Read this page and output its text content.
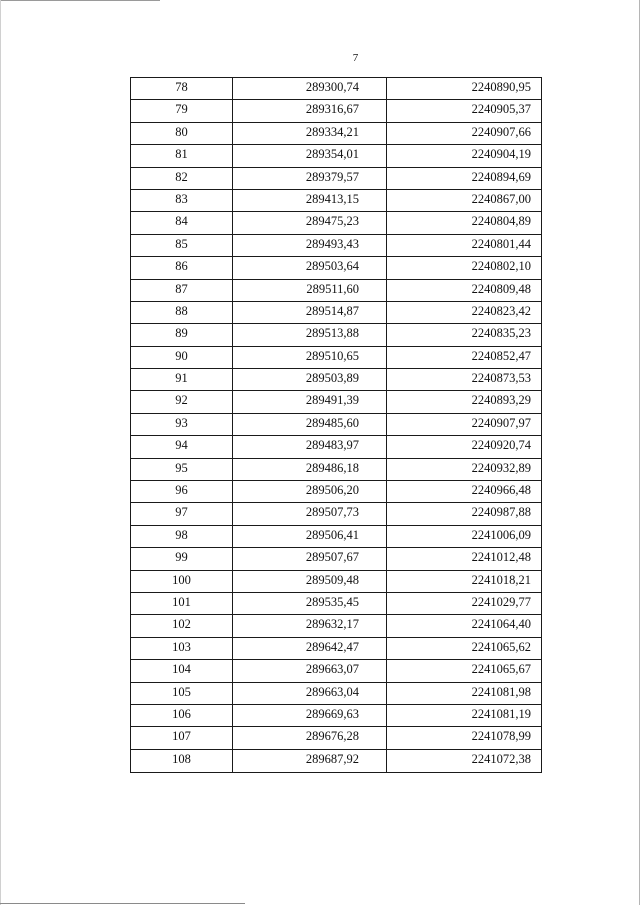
7
78	289300,74	2240890,95
79	289316,67	2240905,37
80	289334,21	2240907,66
81	289354,01	2240904,19
82	289379,57	2240894,69
83	289413,15	2240867,00
84	289475,23	2240804,89
85	289493,43	2240801,44
86	289503,64	2240802,10
87	289511,60	2240809,48
88	289514,87	2240823,42
89	289513,88	2240835,23
90	289510,65	2240852,47
91	289503,89	2240873,53
92	289491,39	2240893,29
93	289485,60	2240907,97
94	289483,97	2240920,74
95	289486,18	2240932,89
96	289506,20	2240966,48
97	289507,73	2240987,88
98	289506,41	2241006,09
99	289507,67	2241012,48
100	289509,48	2241018,21
101	289535,45	2241029,77
102	289632,17	2241064,40
103	289642,47	2241065,62
104	289663,07	2241065,67
105	289663,04	2241081,98
106	289669,63	2241081,19
107	289676,28	2241078,99
108	289687,92	2241072,38
